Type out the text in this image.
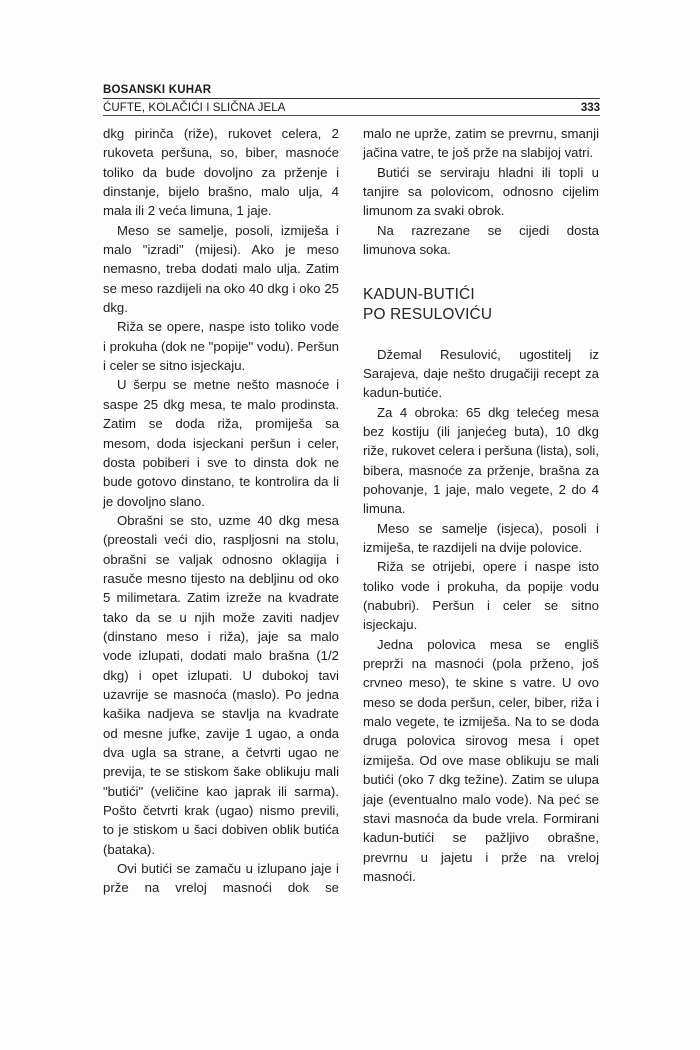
BOSANSKI KUHAR
ĆUFTE, KOLAČIĆI I SLIČNA JELA	333

dkg pirinča (riže), rukovet celera, 2 rukoveta peršuna, so, biber, masnoće toliko da bude dovoljno za prženje i dinstanje, bijelo brašno, malo ulja, 4 mala ili 2 veća limuna, 1 jaje.

Meso se samelje, posoli, izmiješa i malo "izradi" (mijesi). Ako je meso nemasno, treba dodati malo ulja. Zatim se meso razdijeli na oko 40 dkg i oko 25 dkg.

Riža se opere, naspe isto toliko vode i prokuha (dok ne "popije" vodu). Peršun i celer se sitno isjeckaju.

U šerpu se metne nešto masnoće i saspe 25 dkg mesa, te malo prodinsta. Zatim se doda riža, promiješa sa mesom, doda isjeckani peršun i celer, dosta pobiberi i sve to dinsta dok ne bude gotovo dinstano, te kontrolira da li je dovoljno slano.

Obrašni se sto, uzme 40 dkg mesa (preostali veći dio, raspljosni na stolu, obrašni se valjak odnosno oklagija i rasuče mesno tijesto na debljinu od oko 5 milimetara. Zatim izreže na kvadrate tako da se u njih može zaviti nadjev (dinstano meso i riža), jaje sa malo vode izlupati, dodati malo brašna (1/2 dkg) i opet izlupati. U dubokoj tavi uzavrije se masnoća (maslo). Po jedna kašika nadjeva se stavlja na kvadrate od mesne jufke, zavije 1 ugao, a onda dva ugla sa strane, a četvrti ugao ne previja, te se stiskom šake oblikuju mali "butići" (veličine kao japrak ili sarma). Pošto četvrti krak (ugao) nismo previli, to je stiskom u šaci dobiven oblik butića (bataka).

Ovi butići se zamaču u izlupano jaje i prže na vreloj masnoći dok se

malo ne uprže, zatim se prevrnu, smanji jačina vatre, te još prže na slabijoj vatri.

Butići se serviraju hladni ili topli u tanjire sa polovicom, odnosno cijelim limunom za svaki obrok.

Na razrezane se cijedi dosta limunova soka.

KADUN-BUTIĆI
PO RESULOVIĆU

Džemal Resulović, ugostitelj iz Sarajeva, daje nešto drugačiji recept za kadun-butiće.

Za 4 obroka: 65 dkg telećeg mesa bez kostiju (ili janjećeg buta), 10 dkg riže, rukovet celera i peršuna (lista), soli, bibera, masnoće za prženje, brašna za pohovanje, 1 jaje, malo vegete, 2 do 4 limuna.

Meso se samelje (isjeca), posoli i izmiješa, te razdijeli na dvije polovice.

Riža se otrijebi, opere i naspe isto toliko vode i prokuha, da popije vodu (nabubri). Peršun i celer se sitno isjeckaju.

Jedna polovica mesa se engliš preprži na masnoći (pola prženo, još crvneo meso), te skine s vatre. U ovo meso se doda peršun, celer, biber, riža i malo vegete, te izmiješa. Na to se doda druga polovica sirovog mesa i opet izmiješa. Od ove mase oblikuju se mali butići (oko 7 dkg težine). Zatim se ulupa jaje (eventualno malo vode). Na peć se stavi masnoća da bude vrela. Formirani kadun-butići se pažljivo obrašne, prevrnu u jajetu i prže na vreloj masnoći.
